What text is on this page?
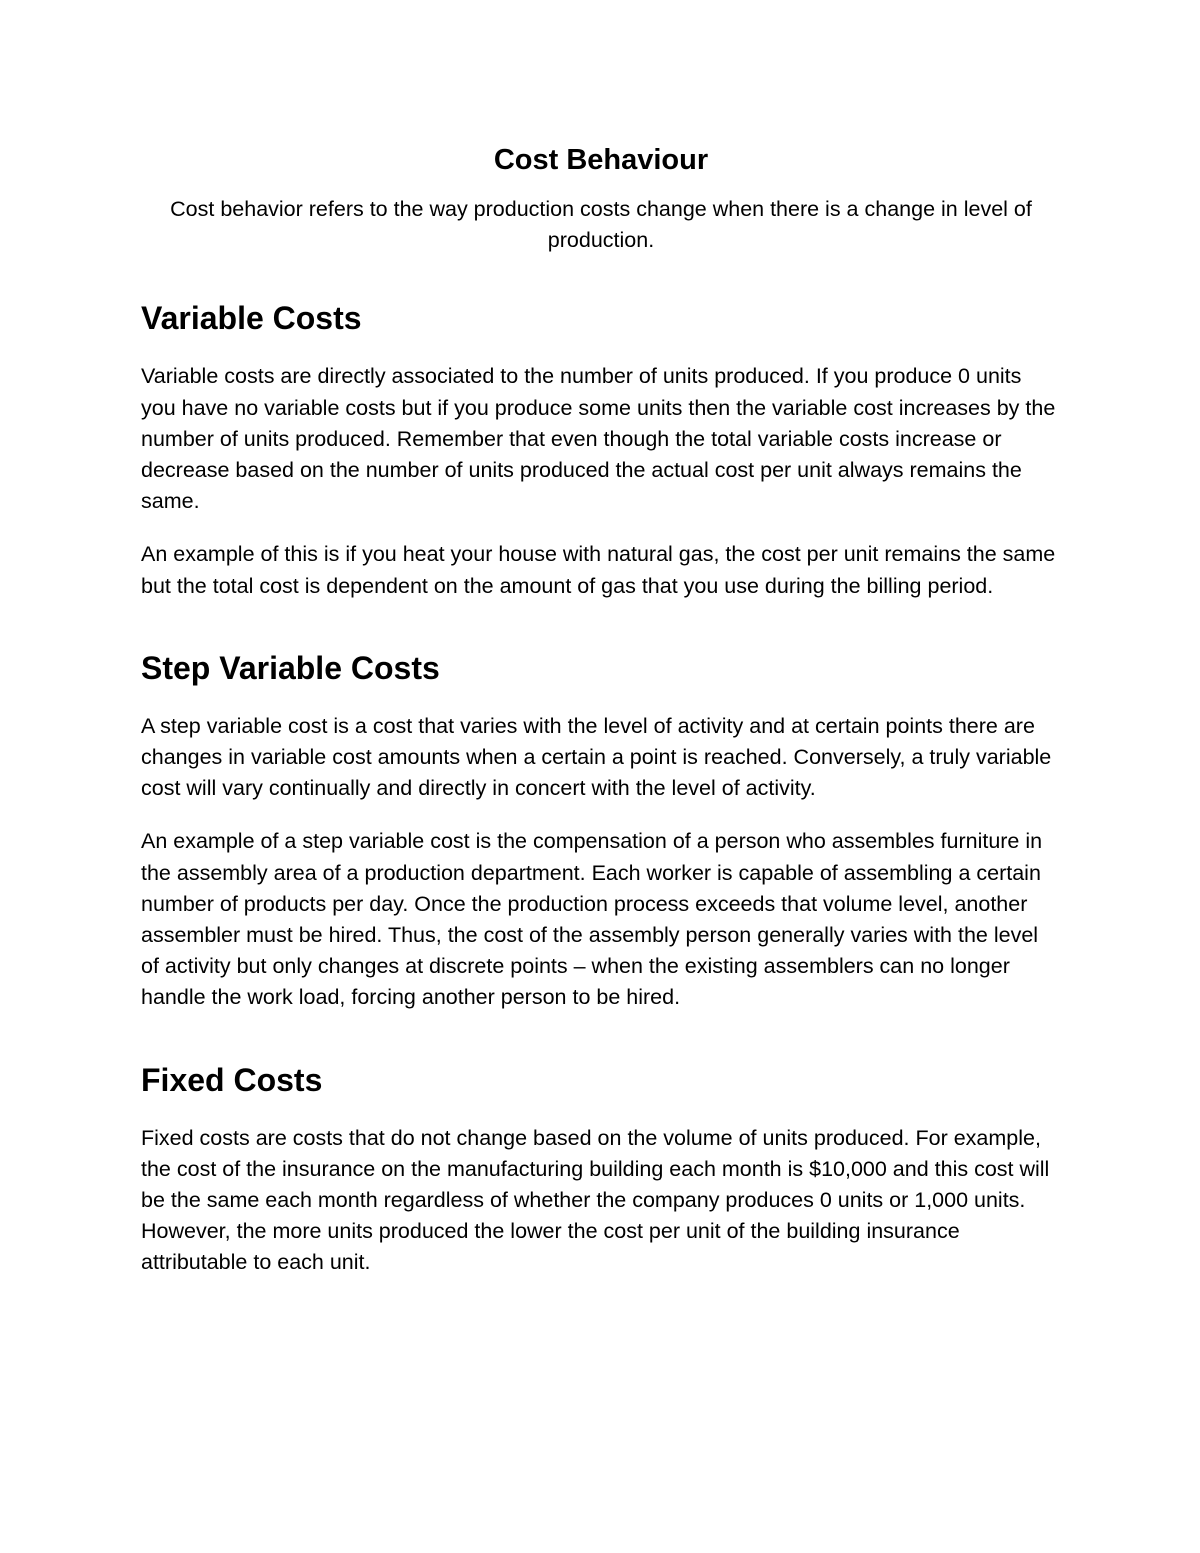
Cost Behaviour

Cost behavior refers to the way production costs change when there is a change in level of production.

Variable Costs

Variable costs are directly associated to the number of units produced. If you produce 0 units you have no variable costs but if you produce some units then the variable cost increases by the number of units produced. Remember that even though the total variable costs increase or decrease based on the number of units produced the actual cost per unit always remains the same.

An example of this is if you heat your house with natural gas, the cost per unit remains the same but the total cost is dependent on the amount of gas that you use during the billing period.

Step Variable Costs

A step variable cost is a cost that varies with the level of activity and at certain points there are changes in variable cost amounts when a certain a point is reached. Conversely, a truly variable cost will vary continually and directly in concert with the level of activity.

An example of a step variable cost is the compensation of a person who assembles furniture in the assembly area of a production department. Each worker is capable of assembling a certain number of products per day. Once the production process exceeds that volume level, another assembler must be hired. Thus, the cost of the assembly person generally varies with the level of activity but only changes at discrete points – when the existing assemblers can no longer handle the work load, forcing another person to be hired.

Fixed Costs

Fixed costs are costs that do not change based on the volume of units produced. For example, the cost of the insurance on the manufacturing building each month is $10,000 and this cost will be the same each month regardless of whether the company produces 0 units or 1,000 units. However, the more units produced the lower the cost per unit of the building insurance attributable to each unit.
